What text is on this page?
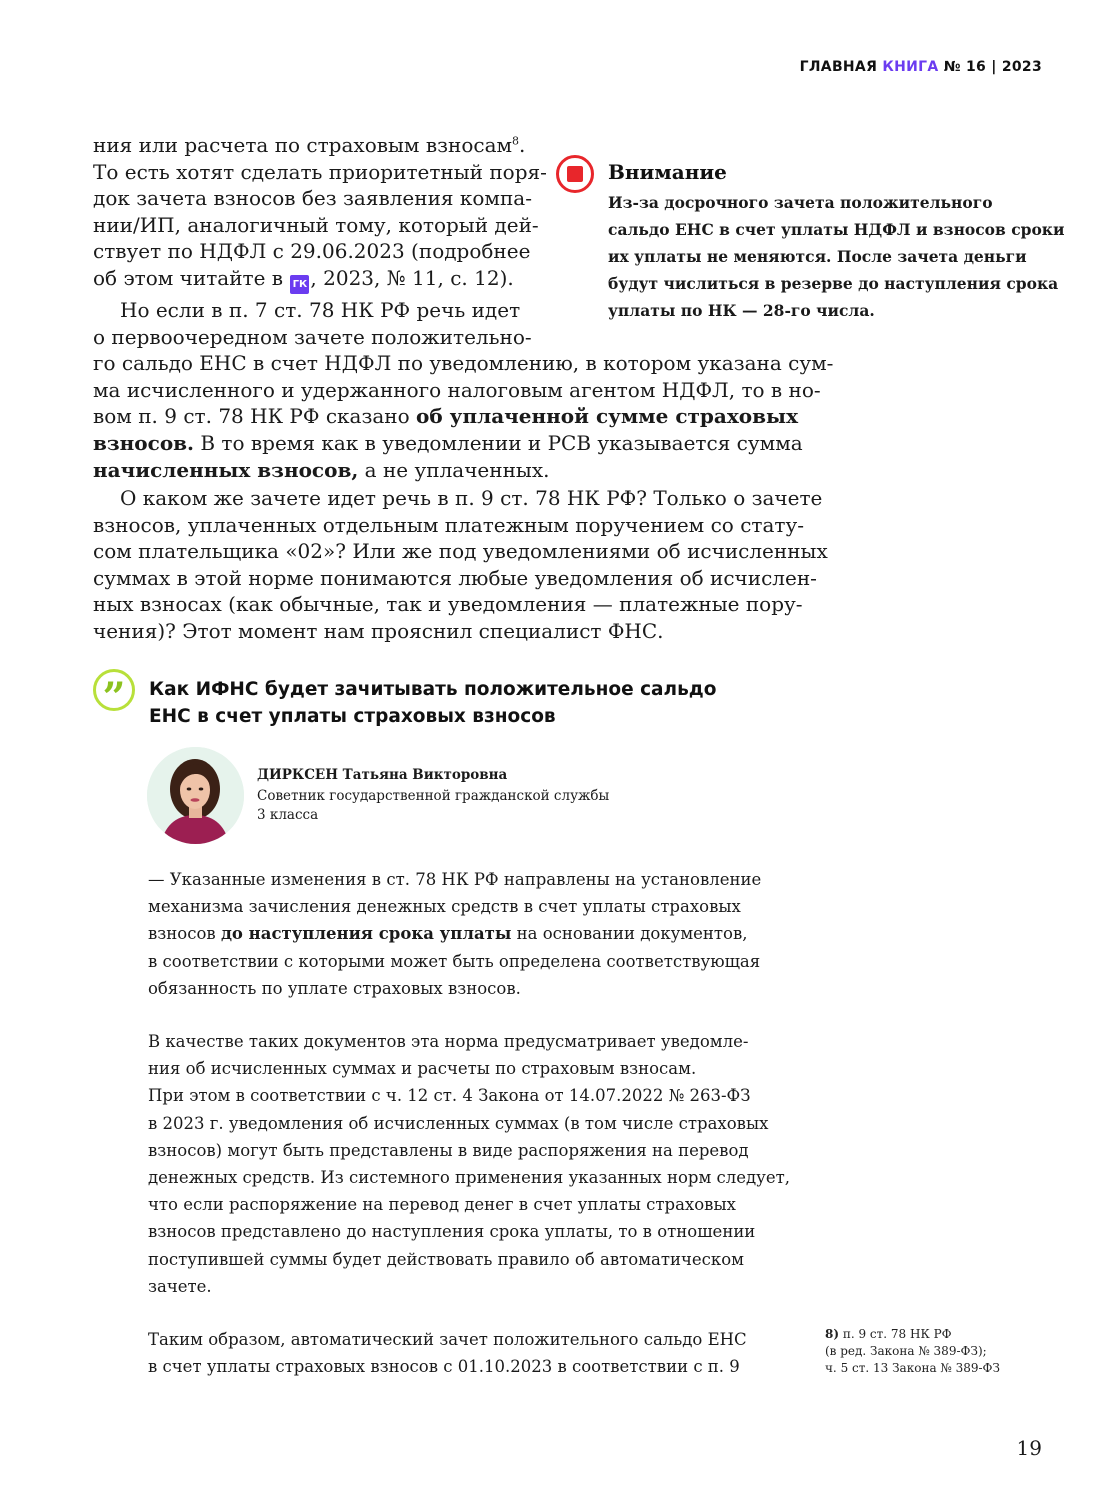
ГЛАВНАЯ КНИГА № 16 | 2023
ния или расчета по страховым взносам$^8$.
То есть хотят сделать приоритетный поря-
док зачета взносов без заявления компа-
нии/ИП, аналогичный тому, который дей-
ствует по НДФЛ с 29.06.2023 (подробнее
об этом читайте в ГК , 2023, № 11, с. 12).
Но если в п. 7 ст. 78 НК РФ речь идет
о первоочередном зачете положительно-
го сальдо ЕНС в счет НДФЛ по уведомлению, в котором указана сум-
ма исчисленного и удержанного налоговым агентом НДФЛ, то в но-
вом п. 9 ст. 78 НК РФ сказано об уплаченной сумме страховых
взносов. В то время как в уведомлении и РСВ указывается сумма
начисленных взносов, а не уплаченных.
О каком же зачете идет речь в п. 9 ст. 78 НК РФ? Только о зачете
взносов, уплаченных отдельным платежным поручением со стату-
сом плательщика «02»? Или же под уведомлениями об исчисленных
суммах в этой норме понимаются любые уведомления об исчислен-
ных взносах (как обычные, так и уведомления — платежные пору-
чения)? Этот момент нам прояснил специалист ФНС.
Внимание
Из-за досрочного зачета положительного
сальдо ЕНС в счет уплаты НДФЛ и взносов сроки
их уплаты не меняются. После зачета деньги
будут числиться в резерве до наступления срока
уплаты по НК — 28-го числа.
”	Как ИФНС будет зачитывать положительное сальдо
ЕНС в счет уплаты страховых взносов
ДИРКСЕН Татьяна Викторовна
Советник государственной гражданской службы
3 класса
— Указанные изменения в ст. 78 НК РФ направлены на установление
механизма зачисления денежных средств в счет уплаты страховых
взносов до наступления срока уплаты на основании документов,
в соответствии с которыми может быть определена соответствующая
обязанность по уплате страховых взносов.
В качестве таких документов эта норма предусматривает уведомле-
ния об исчисленных суммах и расчеты по страховым взносам.
При этом в соответствии с ч. 12 ст. 4 Закона от 14.07.2022 № 263-ФЗ
в 2023 г. уведомления об исчисленных суммах (в том числе страховых
взносов) могут быть представлены в виде распоряжения на перевод
денежных средств. Из системного применения указанных норм следует,
что если распоряжение на перевод денег в счет уплаты страховых
взносов представлено до наступления срока уплаты, то в отношении
поступившей суммы будет действовать правило об автоматическом
зачете.
Таким образом, автоматический зачет положительного сальдо ЕНС
в счет уплаты страховых взносов с 01.10.2023 в соответствии с п. 9
8) п. 9 ст. 78 НК РФ
(в ред. Закона № 389-ФЗ);
ч. 5 ст. 13 Закона № 389-ФЗ
19
